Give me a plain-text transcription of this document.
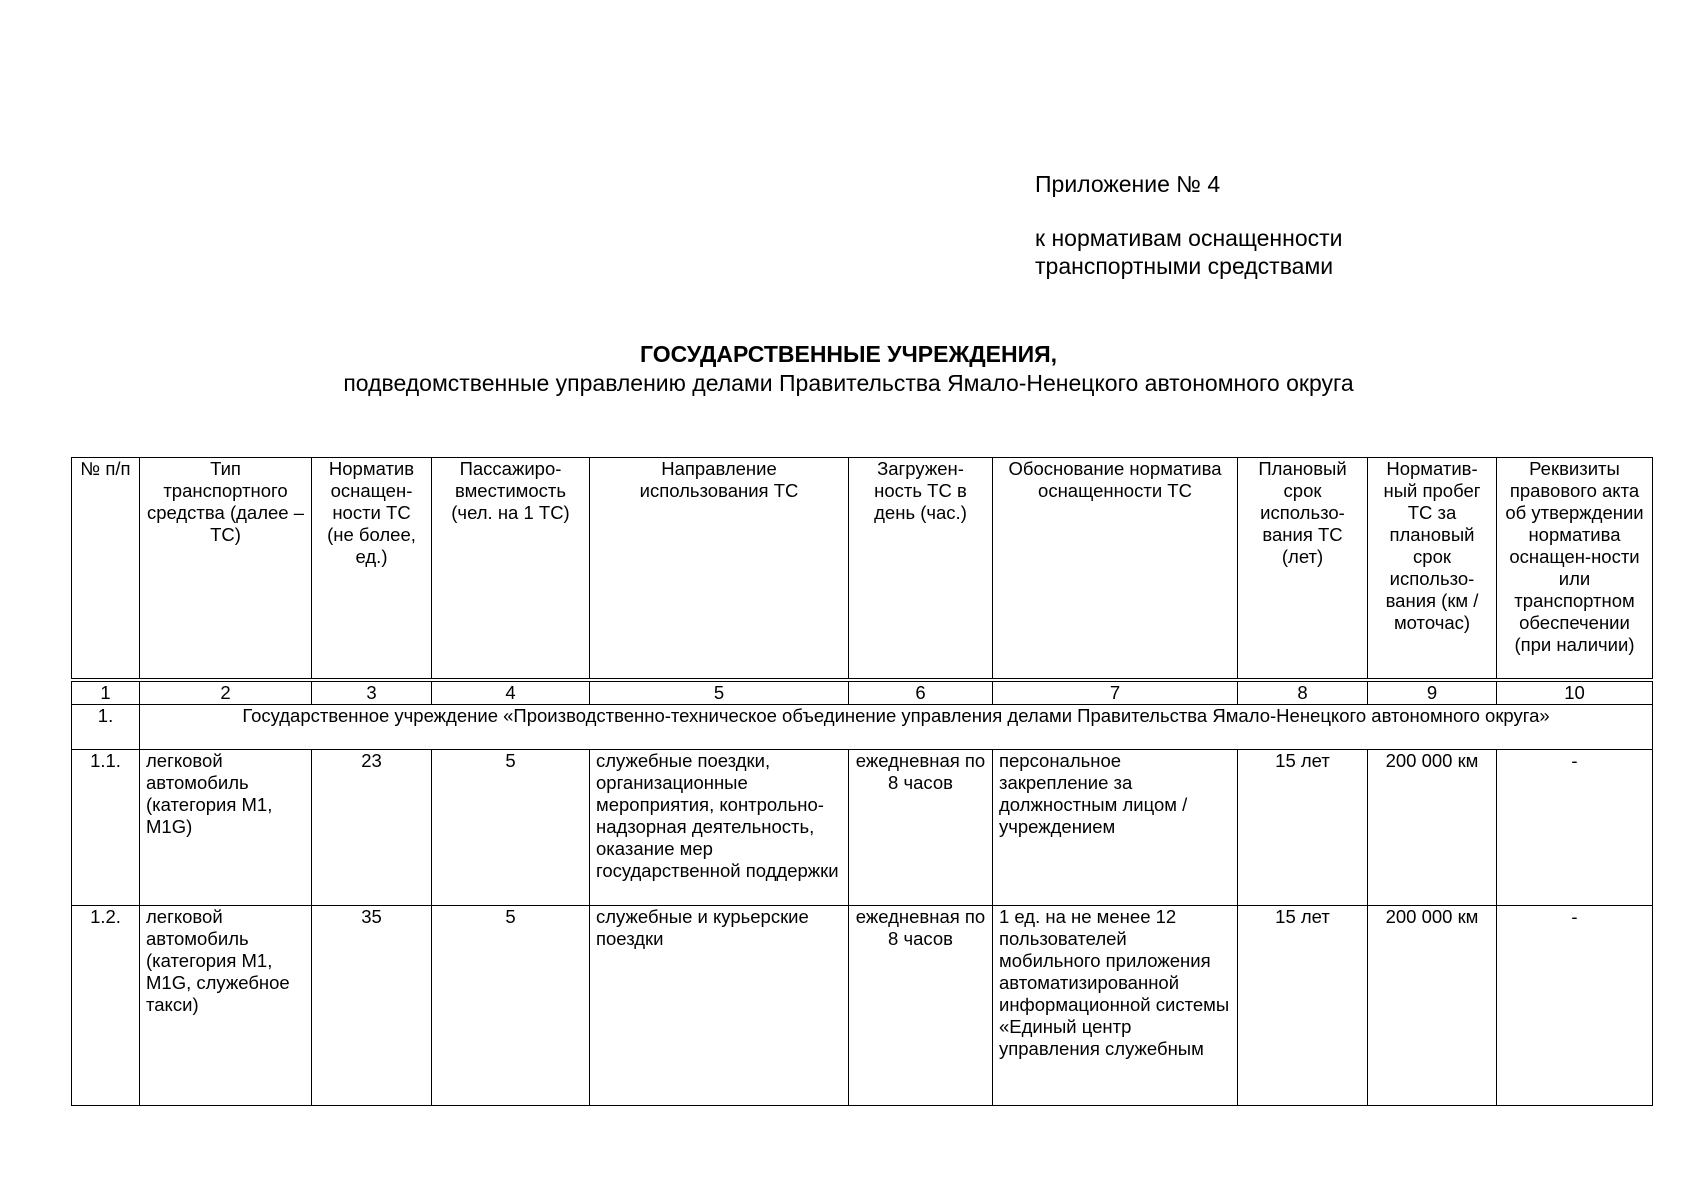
Приложение № 4
к нормативам оснащенности
транспортными средствами
ГОСУДАРСТВЕННЫЕ УЧРЕЖДЕНИЯ,
подведомственные управлению делами Правительства Ямало-Ненецкого автономного округа
№ п/п	Тип транспортного средства (далее – ТС)	Норматив оснащен-ности ТС (не более, ед.)	Пассажиро-вместимость (чел. на 1 ТС)	Направление использования ТС	Загружен-ность ТС в день (час.)	Обоснование норматива оснащенности ТС	Плановый срок использо-вания ТС (лет)	Норматив-ный пробег ТС за плановый срок использо-вания (км / моточас)	Реквизиты правового акта об утверждении норматива оснащен-ности или транспортном обеспечении (при наличии)
1	2	3	4	5	6	7	8	9	10
1.	Государственное учреждение «Производственно-техническое объединение управления делами Правительства Ямало-Ненецкого автономного округа»								
1.1.	легковой автомобиль (категория М1, М1G)	23	5	служебные поездки, организационные мероприятия, контрольно-надзорная деятельность, оказание мер государственной поддержки	ежедневная по 8 часов	персональное закрепление за должностным лицом / учреждением	15 лет	200 000 км	-
1.2.	легковой автомобиль (категория М1, М1G, служебное такси)	35	5	служебные и курьерские поездки	ежедневная по 8 часов	1 ед. на не менее 12 пользователей мобильного приложения автоматизированной информационной системы «Единый центр управления служебным	15 лет	200 000 км	-
